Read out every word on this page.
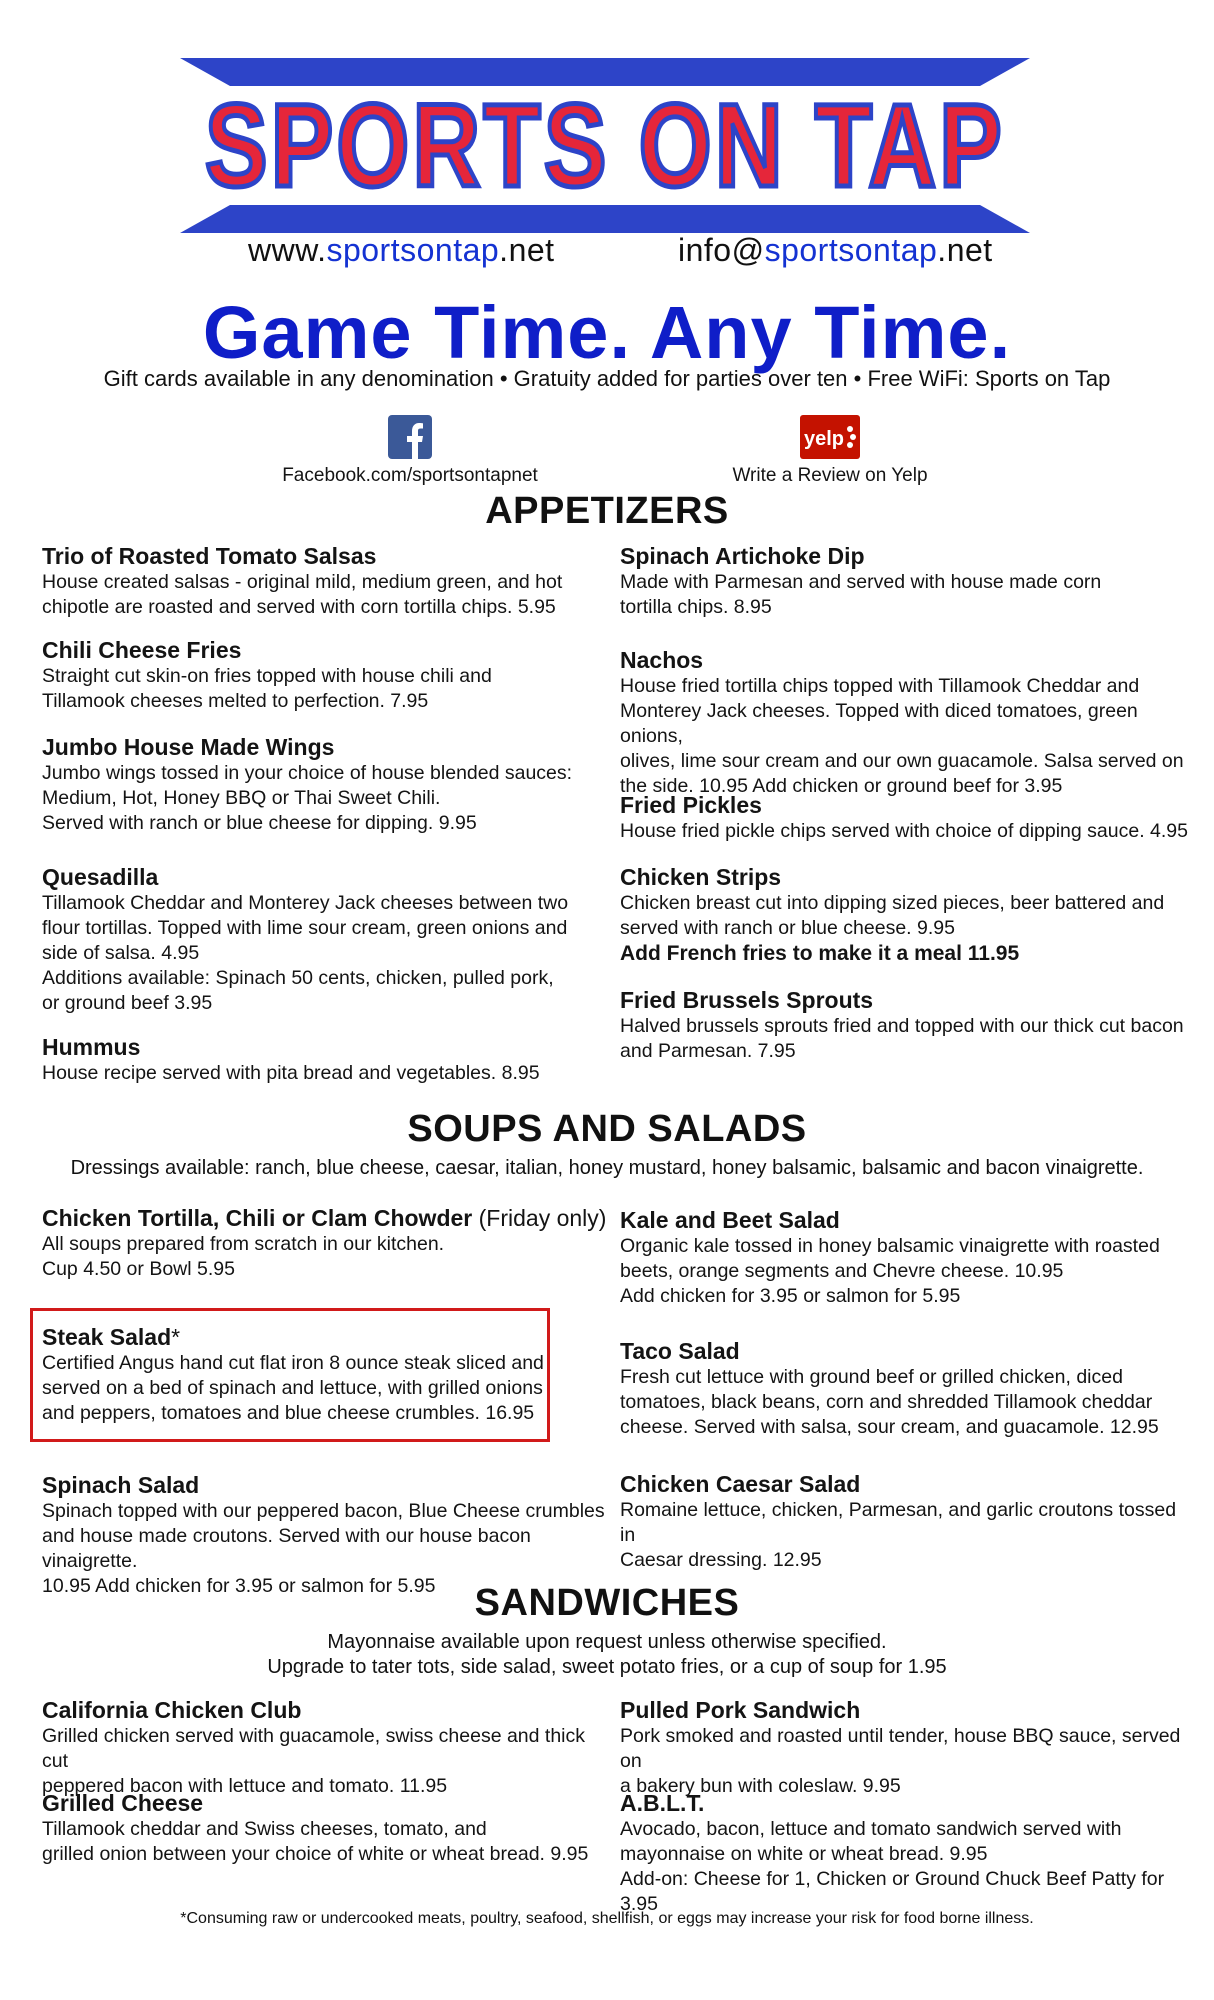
SPORTS ON TAP
www.sportsontap.net	info@sportsontap.net
Game Time. Any Time.
Gift cards available in any denomination • Gratuity added for parties over ten • Free WiFi: Sports on Tap
Facebook.com/sportsontapnet
yelp
Write a Review on Yelp
APPETIZERS
Trio of Roasted Tomato Salsas
House created salsas - original mild, medium green, and hot
chipotle are roasted and served with corn tortilla chips. 5.95
Chili Cheese Fries
Straight cut skin-on fries topped with house chili and
Tillamook cheeses melted to perfection. 7.95
Jumbo House Made Wings
Jumbo wings tossed in your choice of house blended sauces:
Medium, Hot, Honey BBQ or Thai Sweet Chili.
Served with ranch or blue cheese for dipping. 9.95
Quesadilla
Tillamook Cheddar and Monterey Jack cheeses between two
flour tortillas. Topped with lime sour cream, green onions and
side of salsa. 4.95
Additions available: Spinach 50 cents, chicken, pulled pork,
or ground beef 3.95
Hummus
House recipe served with pita bread and vegetables. 8.95
Spinach Artichoke Dip
Made with Parmesan and served with house made corn
tortilla chips. 8.95
Nachos
House fried tortilla chips topped with Tillamook Cheddar and
Monterey Jack cheeses. Topped with diced tomatoes, green onions,
olives, lime sour cream and our own guacamole. Salsa served on
the side. 10.95 Add chicken or ground beef for 3.95
Fried Pickles
House fried pickle chips served with choice of dipping sauce. 4.95
Chicken Strips
Chicken breast cut into dipping sized pieces, beer battered and
served with ranch or blue cheese. 9.95
Add French fries to make it a meal 11.95
Fried Brussels Sprouts
Halved brussels sprouts fried and topped with our thick cut bacon
and Parmesan. 7.95
SOUPS AND SALADS
Dressings available: ranch, blue cheese, caesar, italian, honey mustard, honey balsamic, balsamic and bacon vinaigrette.
Chicken Tortilla, Chili or Clam Chowder (Friday only)
All soups prepared from scratch in our kitchen.
Cup 4.50 or Bowl 5.95
Steak Salad*
Certified Angus hand cut flat iron 8 ounce steak sliced and
served on a bed of spinach and lettuce, with grilled onions
and peppers, tomatoes and blue cheese crumbles. 16.95
Spinach Salad
Spinach topped with our peppered bacon, Blue Cheese crumbles
and house made croutons. Served with our house bacon vinaigrette.
10.95 Add chicken for 3.95 or salmon for 5.95
Kale and Beet Salad
Organic kale tossed in honey balsamic vinaigrette with roasted
beets, orange segments and Chevre cheese. 10.95
Add chicken for 3.95 or salmon for 5.95
Taco Salad
Fresh cut lettuce with ground beef or grilled chicken, diced
tomatoes, black beans, corn and shredded Tillamook cheddar
cheese. Served with salsa, sour cream, and guacamole. 12.95
Chicken Caesar Salad
Romaine lettuce, chicken, Parmesan, and garlic croutons tossed in
Caesar dressing. 12.95
SANDWICHES
Mayonnaise available upon request unless otherwise specified.
Upgrade to tater tots, side salad, sweet potato fries, or a cup of soup for 1.95
California Chicken Club
Grilled chicken served with guacamole, swiss cheese and thick cut
peppered bacon with lettuce and tomato. 11.95
Grilled Cheese
Tillamook cheddar and Swiss cheeses, tomato, and
grilled onion between your choice of white or wheat bread. 9.95
Pulled Pork Sandwich
Pork smoked and roasted until tender, house BBQ sauce, served on
a bakery bun with coleslaw. 9.95
A.B.L.T.
Avocado, bacon, lettuce and tomato sandwich served with
mayonnaise on white or wheat bread. 9.95
Add-on: Cheese for 1, Chicken or Ground Chuck Beef Patty for 3.95
*Consuming raw or undercooked meats, poultry, seafood, shellfish, or eggs may increase your risk for food borne illness.
